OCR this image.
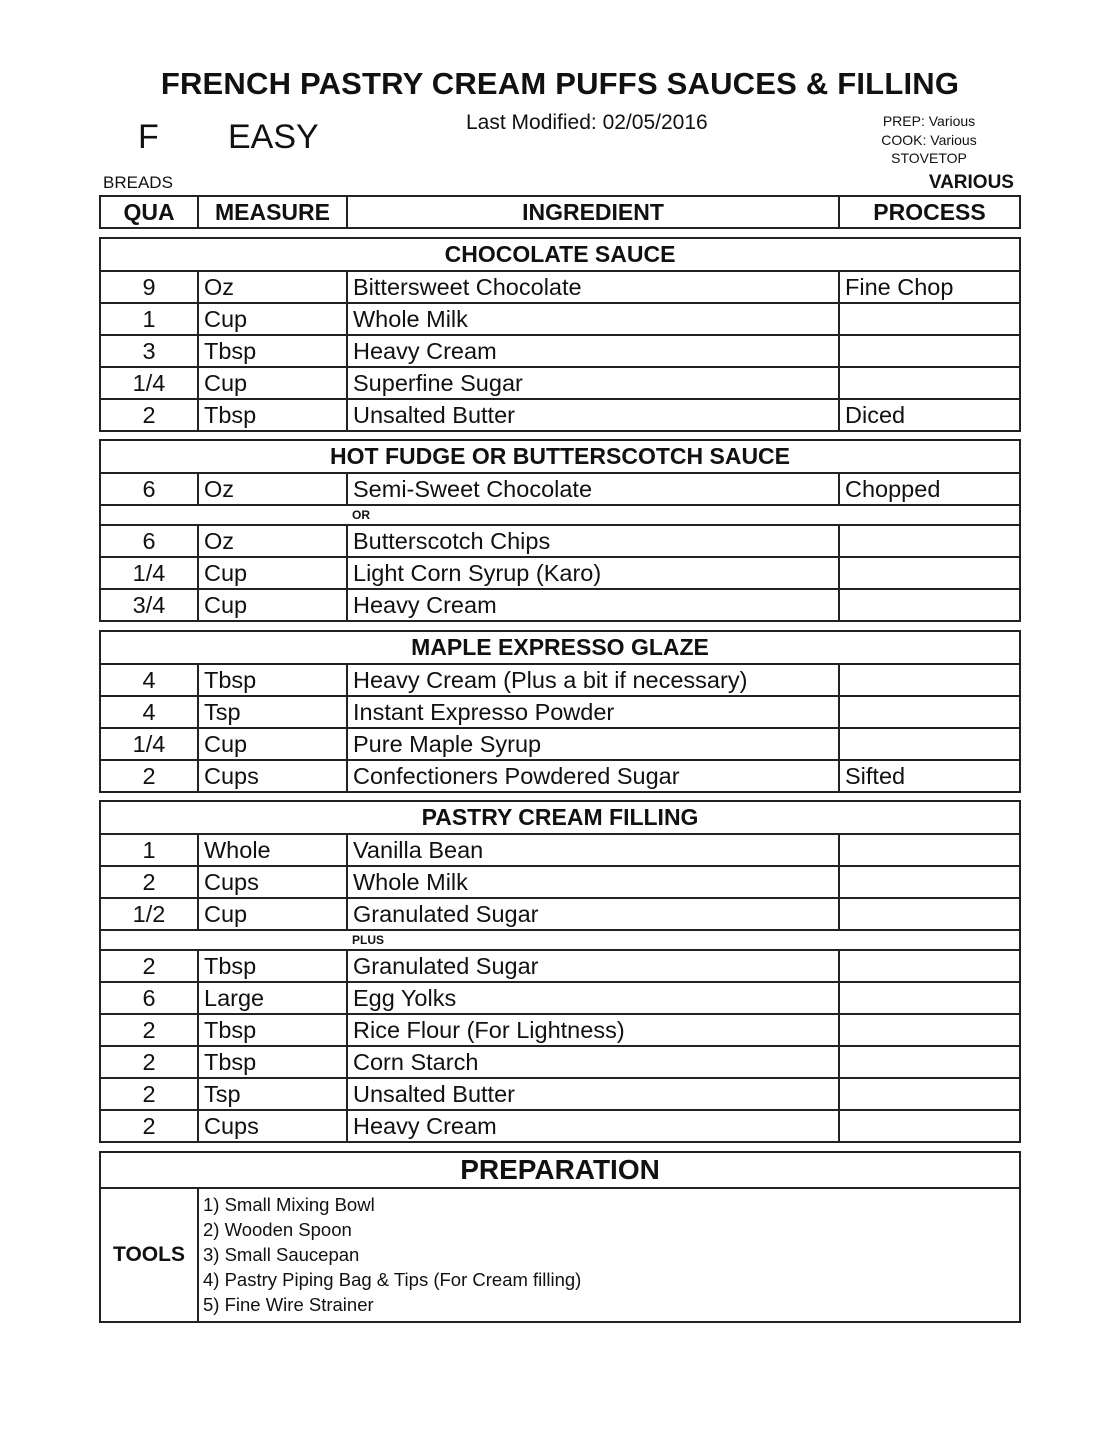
FRENCH PASTRY CREAM PUFFS SAUCES & FILLING
F EASY	Last Modified: 02/05/2016	PREP: Various
COOK: Various
STOVETOP
BREADS	VARIOUS
QUA	MEASURE	INGREDIENT	PROCESS
CHOCOLATE SAUCE			
9	Oz	Bittersweet Chocolate	Fine Chop
1	Cup	Whole Milk	
3	Tbsp	Heavy Cream	
1/4	Cup	Superfine Sugar	
2	Tbsp	Unsalted Butter	Diced
HOT FUDGE OR BUTTERSCOTCH SAUCE			
6	Oz	Semi-Sweet Chocolate	Chopped
OR			
6	Oz	Butterscotch Chips	
1/4	Cup	Light Corn Syrup (Karo)	
3/4	Cup	Heavy Cream	
MAPLE EXPRESSO GLAZE			
4	Tbsp	Heavy Cream (Plus a bit if necessary)	
4	Tsp	Instant Expresso Powder	
1/4	Cup	Pure Maple Syrup	
2	Cups	Confectioners Powdered Sugar	Sifted
PASTRY CREAM FILLING			
1	Whole	Vanilla Bean	
2	Cups	Whole Milk	
1/2	Cup	Granulated Sugar	
PLUS			
2	Tbsp	Granulated Sugar	
6	Large	Egg Yolks	
2	Tbsp	Rice Flour (For Lightness)	
2	Tbsp	Corn Starch	
2	Tsp	Unsalted Butter	
2	Cups	Heavy Cream	
PREPARATION
TOOLS	
1) Small Mixing Bowl
2) Wooden Spoon
3) Small Saucepan
4) Pastry Piping Bag & Tips (For Cream filling)
5) Fine Wire Strainer
